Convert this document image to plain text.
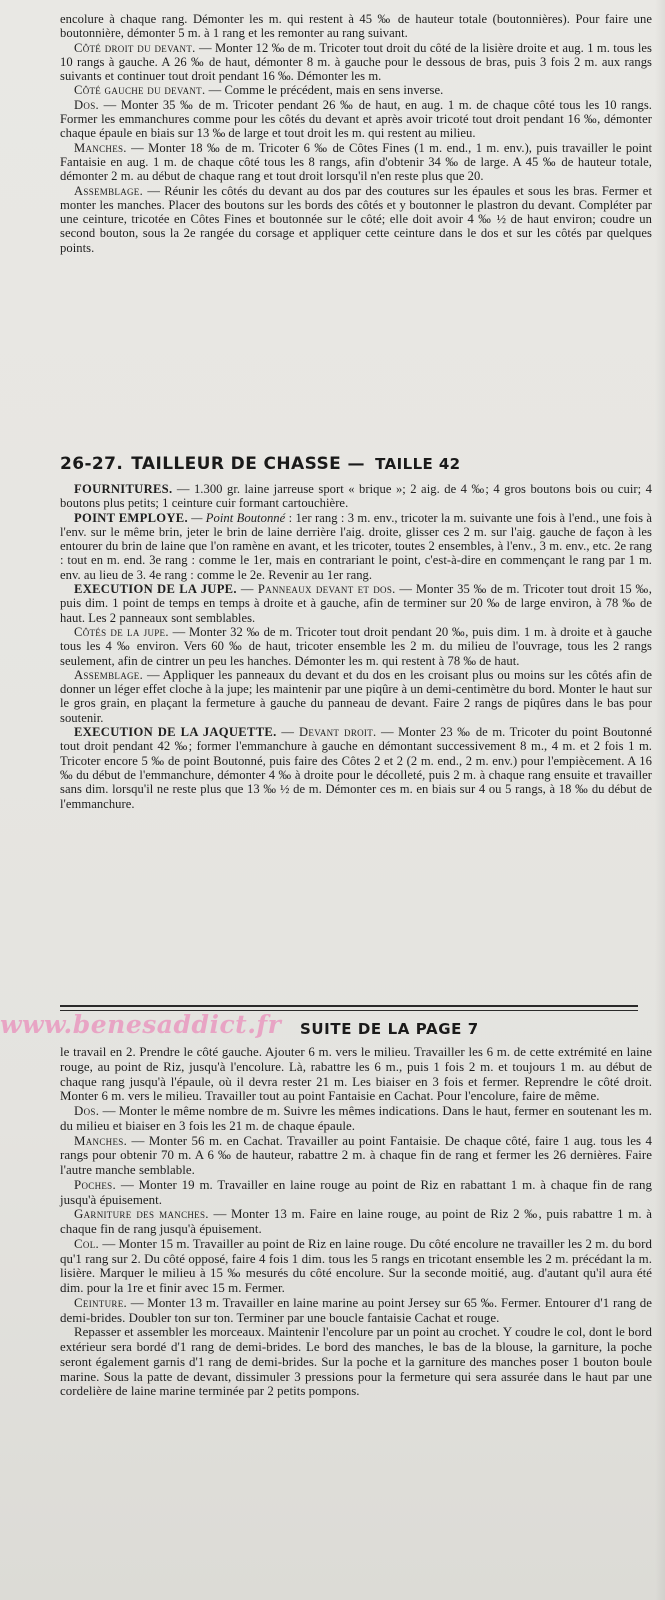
encolure à chaque rang. Démonter les m. qui restent à 45 ‰ de hauteur totale (boutonnières). Pour faire une boutonnière, démonter 5 m. à 1 rang et les remonter au rang suivant.

Côté droit du devant. — Monter 12 ‰ de m. Tricoter tout droit du côté de la lisière droite et aug. 1 m. tous les 10 rangs à gauche. A 26 ‰ de haut, démonter 8 m. à gauche pour le dessous de bras, puis 3 fois 2 m. aux rangs suivants et continuer tout droit pendant 16 ‰. Démonter les m.

Côté gauche du devant. — Comme le précédent, mais en sens inverse.

Dos. — Monter 35 ‰ de m. Tricoter pendant 26 ‰ de haut, en aug. 1 m. de chaque côté tous les 10 rangs. Former les emmanchures comme pour les côtés du devant et après avoir tricoté tout droit pendant 16 ‰, démonter chaque épaule en biais sur 13 ‰ de large et tout droit les m. qui restent au milieu.

Manches. — Monter 18 ‰ de m. Tricoter 6 ‰ de Côtes Fines (1 m. end., 1 m. env.), puis travailler le point Fantaisie en aug. 1 m. de chaque côté tous les 8 rangs, afin d'obtenir 34 ‰ de large. A 45 ‰ de hauteur totale, démonter 2 m. au début de chaque rang et tout droit lorsqu'il n'en reste plus que 20.

Assemblage. — Réunir les côtés du devant au dos par des coutures sur les épaules et sous les bras. Fermer et monter les manches. Placer des boutons sur les bords des côtés et y boutonner le plastron du devant. Compléter par une ceinture, tricotée en Côtes Fines et boutonnée sur le côté; elle doit avoir 4 ‰ ½ de haut environ; coudre un second bouton, sous la 2e rangée du corsage et appliquer cette ceinture dans le dos et sur les côtés par quelques points.

FOURNITURES. — 1.300 gr. laine jarreuse sport « brique »; 2 aig. de 4 ‰; 4 gros boutons bois ou cuir; 4 boutons plus petits; 1 ceinture cuir formant cartouchière.

POINT EMPLOYE. — Point Boutonné : 1er rang : 3 m. env., tricoter la m. suivante une fois à l'end., une fois à l'env. sur le même brin, jeter le brin de laine derrière l'aig. droite, glisser ces 2 m. sur l'aig. gauche de façon à les entourer du brin de laine que l'on ramène en avant, et les tricoter, toutes 2 ensembles, à l'env., 3 m. env., etc. 2e rang : tout en m. end. 3e rang : comme le 1er, mais en contrariant le point, c'est-à-dire en commençant le rang par 1 m. env. au lieu de 3. 4e rang : comme le 2e. Revenir au 1er rang.

EXECUTION DE LA JUPE. — Panneaux devant et dos. — Monter 35 ‰ de m. Tricoter tout droit 15 ‰, puis dim. 1 point de temps en temps à droite et à gauche, afin de terminer sur 20 ‰ de large environ, à 78 ‰ de haut. Les 2 panneaux sont semblables.

Côtés de la jupe. — Monter 32 ‰ de m. Tricoter tout droit pendant 20 ‰, puis dim. 1 m. à droite et à gauche tous les 4 ‰ environ. Vers 60 ‰ de haut, tricoter ensemble les 2 m. du milieu de l'ouvrage, tous les 2 rangs seulement, afin de cintrer un peu les hanches. Démonter les m. qui restent à 78 ‰ de haut.

Assemblage. — Appliquer les panneaux du devant et du dos en les croisant plus ou moins sur les côtés afin de donner un léger effet cloche à la jupe; les maintenir par une piqûre à un demi-centimètre du bord. Monter le haut sur le gros grain, en plaçant la fermeture à gauche du panneau de devant. Faire 2 rangs de piqûres dans le bas pour soutenir.

EXECUTION DE LA JAQUETTE. — Devant droit. — Monter 23 ‰ de m. Tricoter du point Boutonné tout droit pendant 42 ‰; former l'emmanchure à gauche en démontant successivement 8 m., 4 m. et 2 fois 1 m. Tricoter encore 5 ‰ de point Boutonné, puis faire des Côtes 2 et 2 (2 m. end., 2 m. env.) pour l'empiècement. A 16 ‰ du début de l'emmanchure, démonter 4 ‰ à droite pour le décolleté, puis 2 m. à chaque rang ensuite et travailler sans dim. lorsqu'il ne reste plus que 13 ‰ ½ de m. Démonter ces m. en biais sur 4 ou 5 rangs, à 18 ‰ du début de l'emmanchure.

le travail en 2. Prendre le côté gauche. Ajouter 6 m. vers le milieu. Travailler les 6 m. de cette extrémité en laine rouge, au point de Riz, jusqu'à l'encolure. Là, rabattre les 6 m., puis 1 fois 2 m. et toujours 1 m. au début de chaque rang jusqu'à l'épaule, où il devra rester 21 m. Les biaiser en 3 fois et fermer. Reprendre le côté droit. Monter 6 m. vers le milieu. Travailler tout au point Fantaisie en Cachat. Pour l'encolure, faire de même.

Dos. — Monter le même nombre de m. Suivre les mêmes indications. Dans le haut, fermer en soutenant les m. du milieu et biaiser en 3 fois les 21 m. de chaque épaule.

Manches. — Monter 56 m. en Cachat. Travailler au point Fantaisie. De chaque côté, faire 1 aug. tous les 4 rangs pour obtenir 70 m. A 6 ‰ de hauteur, rabattre 2 m. à chaque fin de rang et fermer les 26 dernières. Faire l'autre manche semblable.

Poches. — Monter 19 m. Travailler en laine rouge au point de Riz en rabattant 1 m. à chaque fin de rang jusqu'à épuisement.

Garniture des manches. — Monter 13 m. Faire en laine rouge, au point de Riz 2 ‰, puis rabattre 1 m. à chaque fin de rang jusqu'à épuisement.

Col. — Monter 15 m. Travailler au point de Riz en laine rouge. Du côté encolure ne travailler les 2 m. du bord qu'1 rang sur 2. Du côté opposé, faire 4 fois 1 dim. tous les 5 rangs en tricotant ensemble les 2 m. précédant la m. lisière. Marquer le milieu à 15 ‰ mesurés du côté encolure. Sur la seconde moitié, aug. d'autant qu'il aura été dim. pour la 1re et finir avec 15 m. Fermer.

Ceinture. — Monter 13 m. Travailler en laine marine au point Jersey sur 65 ‰. Fermer. Entourer d'1 rang de demi-brides. Doubler ton sur ton. Terminer par une boucle fantaisie Cachat et rouge.

Repasser et assembler les morceaux. Maintenir l'encolure par un point au crochet. Y coudre le col, dont le bord extérieur sera bordé d'1 rang de demi-brides. Le bord des manches, le bas de la blouse, la garniture, la poche seront également garnis d'1 rang de demi-brides. Sur la poche et la garniture des manches poser 1 bouton boule marine. Sous la patte de devant, dissimuler 3 pressions pour la fermeture qui sera assurée dans le haut par une cordelière de laine marine terminée par 2 petits pompons.

26-27. TAILLEUR DE CHASSE — TAILLE 42
SUITE DE LA PAGE 7
www.benesaddict.fr
